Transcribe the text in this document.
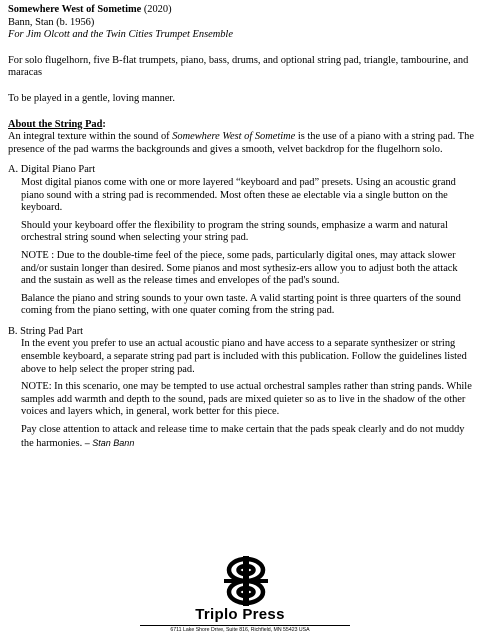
Somewhere West of Sometime (2020)

Bann, Stan (b. 1956)

For Jim Olcott and the Twin Cities Trumpet Ensemble

For solo flugelhorn, five B-flat trumpets, piano, bass, drums, and optional string pad, triangle, tambourine, and maracas

To be played in a gentle, loving manner.

About the String Pad:

An integral texture within the sound of Somewhere West of Sometime is the use of a piano with a string pad. The presence of the pad warms the backgrounds and gives a smooth, velvet backdrop for the flugelhorn solo.

A. Digital Piano Part

Most digital pianos come with one or more layered “keyboard and pad” presets. Using an acoustic grand piano sound with a string pad is recommended. Most often these ae electable via a single button on the keyboard.

Should your keyboard offer the flexibility to program the string sounds, emphasize a warm and natural orchestral string sound when selecting your string pad.

NOTE : Due to the double-time feel of the piece, some pads, particularly digital ones, may attack slower and/or sustain longer than desired. Some pianos and most sythesiz-ers allow you to adjust both the attack and the sustain as well as the release times and envelopes of the pad's sound.

Balance the piano and string sounds to your own taste. A valid starting point is three quarters of the sound coming from the piano setting, with one quater coming from the string pad.

B. String Pad Part

In the event you prefer to use an actual acoustic piano and have access to a separate synthesizer or string ensemble keyboard, a separate string pad part is included with this publication. Follow the guidelines listed above to help select the proper string pad.

NOTE: In this scenario, one may be tempted to use actual orchestral samples rather than string pands. While samples add warmth and depth to the sound, pads are mixed quieter so as to live in the shadow of the other voices and layers which, in general, work better for this piece.

Pay close attention to attack and release time to make certain that the pads speak clearly and do not muddy the harmonies. – Stan Bann

Triplo Press

6711 Lake Shore Drive, Suite 816, Richfield, MN 55423 USA
